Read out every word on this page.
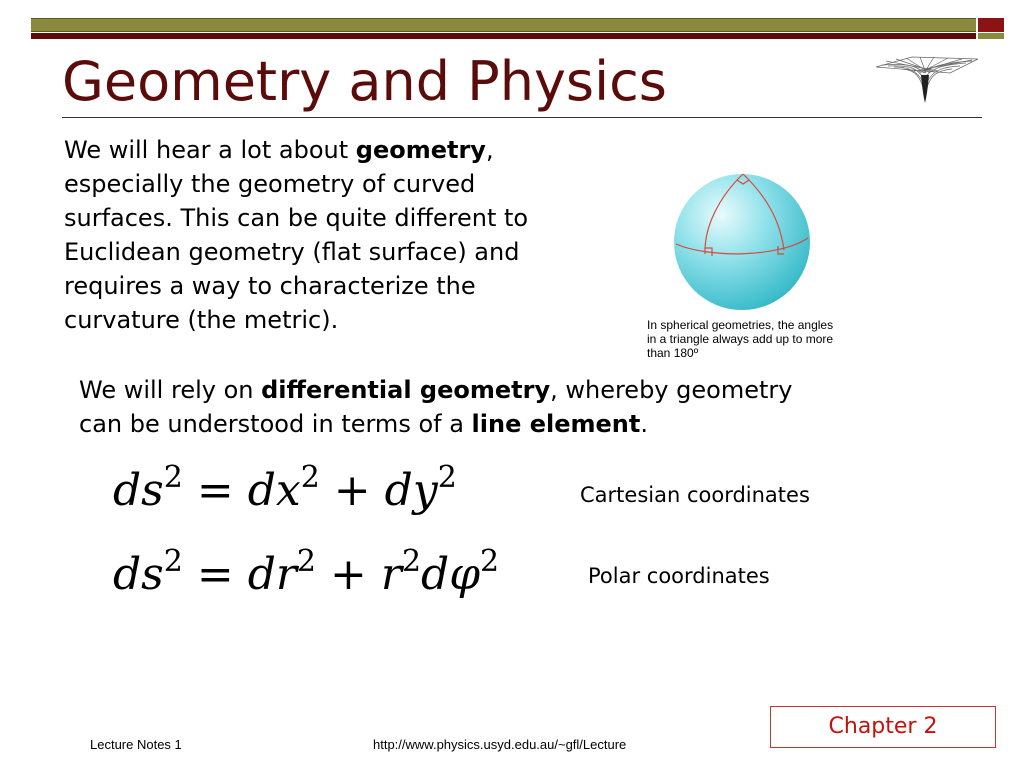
Geometry and Physics
We will hear a lot about geometry,
especially the geometry of curved
surfaces. This can be quite different to
Euclidean geometry (flat surface) and
requires a way to characterize the
curvature (the metric).	In spherical geometries, the angles
in a triangle always add up to more
than 180º
We will rely on differential geometry, whereby geometry
can be understood in terms of a line element.
$ds^2 = dx^2 + dy^2$
$ds^2 = dr^2 + r^2d\varphi^2$
Cartesian coordinates
Polar coordinates
Chapter 2
Lecture Notes 1	http://www.physics.usyd.edu.au/~gfl/Lecture
